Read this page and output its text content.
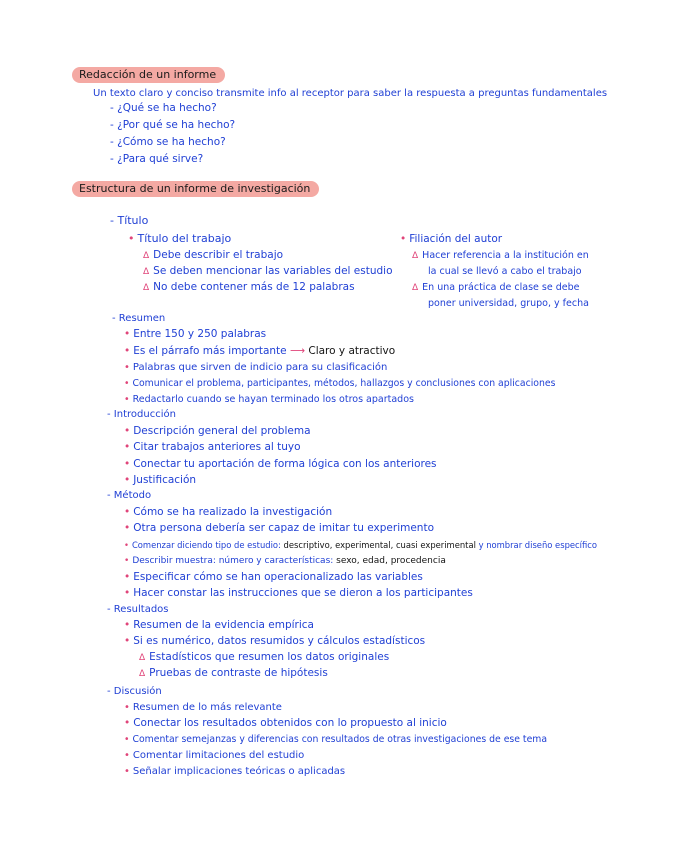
Redacción de un informe
Un texto claro y conciso transmite info al receptor para saber la respuesta a preguntas fundamentales
- ¿Qué se ha hecho?
- ¿Por qué se ha hecho?
- ¿Cómo se ha hecho?
- ¿Para qué sirve?
Estructura de un informe de investigación
- Título
• Título del trabajo
Δ Debe describir el trabajo
Δ Se deben mencionar las variables del estudio
Δ No debe contener más de 12 palabras
• Filiación del autor
Δ Hacer referencia a la institución en
la cual se llevó a cabo el trabajo
Δ En una práctica de clase se debe
poner universidad, grupo, y fecha
- Resumen
• Entre 150 y 250 palabras
• Es el párrafo más importante ⟶ Claro y atractivo
• Palabras que sirven de indicio para su clasificación
• Comunicar el problema, participantes, métodos, hallazgos y conclusiones con aplicaciones
• Redactarlo cuando se hayan terminado los otros apartados
- Introducción
• Descripción general del problema
• Citar trabajos anteriores al tuyo
• Conectar tu aportación de forma lógica con los anteriores
• Justificación
- Método
• Cómo se ha realizado la investigación
• Otra persona debería ser capaz de imitar tu experimento
• Comenzar diciendo tipo de estudio: descriptivo, experimental, cuasi experimental y nombrar diseño específico
• Describir muestra: número y características: sexo, edad, procedencia
• Especificar cómo se han operacionalizado las variables
• Hacer constar las instrucciones que se dieron a los participantes
- Resultados
• Resumen de la evidencia empírica
• Si es numérico, datos resumidos y cálculos estadísticos
Δ Estadísticos que resumen los datos originales
Δ Pruebas de contraste de hipótesis
- Discusión
• Resumen de lo más relevante
• Conectar los resultados obtenidos con lo propuesto al inicio
• Comentar semejanzas y diferencias con resultados de otras investigaciones de ese tema
• Comentar limitaciones del estudio
• Señalar implicaciones teóricas o aplicadas
